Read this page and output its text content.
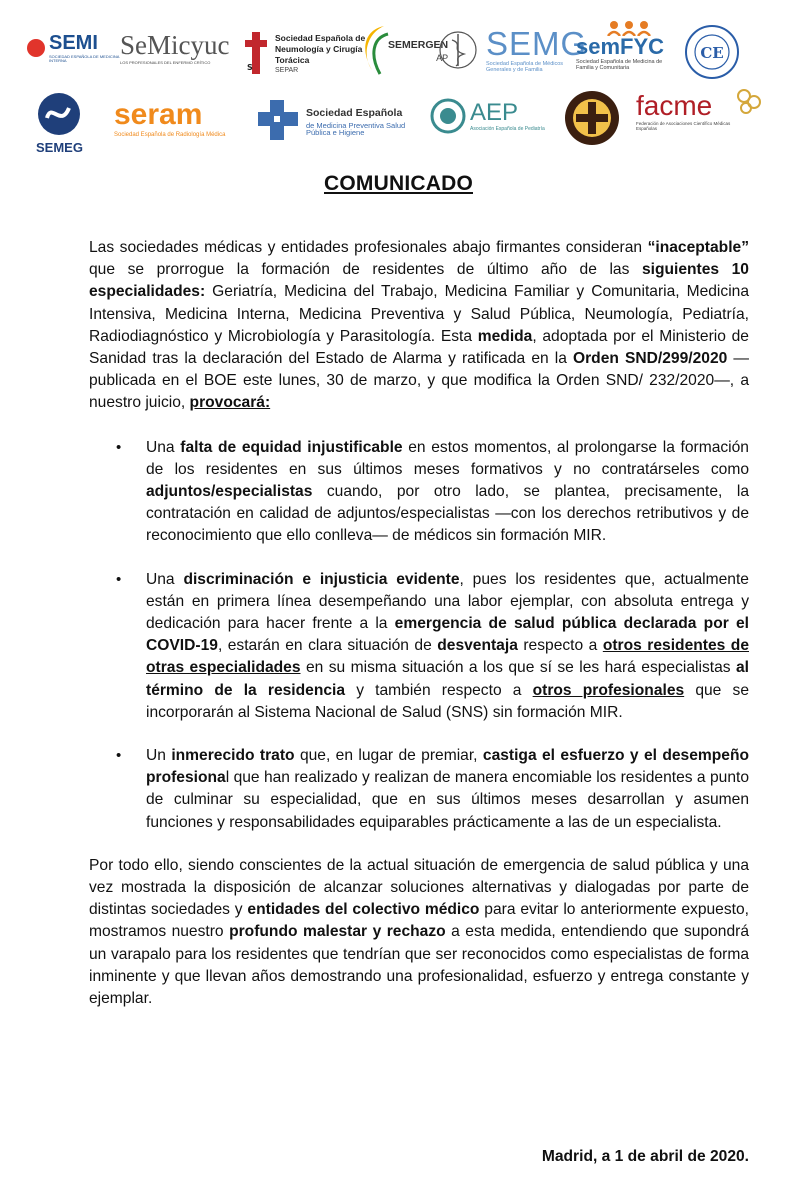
SEMI
SOCIEDAD ESPAÑOLA DE MEDICINA INTERNA
SeMicyuc
LOS PROFESIONALES DEL ENFERMO CRÍTICO
S
Sociedad Española de Neumología y Cirugía Torácica
SEPAR
SEMERGEN
AP SEMG
Sociedad Española de Médicos Generales y de Familia
semFYC
Sociedad Española de Medicina de Familia y Comunitaria
CE
SEMEG
seram
Sociedad Española de Radiología Médica
Sociedad Española
de Medicina Preventiva Salud Pública e Higiene
AEP
Asociación Española de Pediatría
facme
Federación de Asociaciones Científico Médicas Españolas
COMUNICADO

Las sociedades médicas y entidades profesionales abajo firmantes consideran “inaceptable” que se prorrogue la formación de residentes de último año de las siguientes 10 especialidades: Geriatría, Medicina del Trabajo, Medicina Familiar y Comunitaria, Medicina Intensiva, Medicina Interna, Medicina Preventiva y Salud Pública, Neumología, Pediatría, Radiodiagnóstico y Microbiología y Parasitología. Esta medida, adoptada por el Ministerio de Sanidad tras la declaración del Estado de Alarma y ratificada en la Orden SND/299/2020 —publicada en el BOE este lunes, 30 de marzo, y que modifica la Orden SND/ 232/2020—, a nuestro juicio, provocará:

• Una falta de equidad injustificable en estos momentos, al prolongarse la formación de los residentes en sus últimos meses formativos y no contratárseles como adjuntos/especialistas cuando, por otro lado, se plantea, precisamente, la contratación en calidad de adjuntos/especialistas —con los derechos retributivos y de reconocimiento que ello conlleva— de médicos sin formación MIR.
• Una discriminación e injusticia evidente, pues los residentes que, actualmente están en primera línea desempeñando una labor ejemplar, con absoluta entrega y dedicación para hacer frente a la emergencia de salud pública declarada por el COVID-19, estarán en clara situación de desventaja respecto a otros residentes de otras especialidades en su misma situación a los que sí se les hará especialistas al término de la residencia y también respecto a otros profesionales que se incorporarán al Sistema Nacional de Salud (SNS) sin formación MIR.
• Un inmerecido trato que, en lugar de premiar, castiga el esfuerzo y el desempeño profesional que han realizado y realizan de manera encomiable los residentes a punto de culminar su especialidad, que en sus últimos meses desarrollan y asumen funciones y responsabilidades equiparables prácticamente a las de un especialista.

Por todo ello, siendo conscientes de la actual situación de emergencia de salud pública y una vez mostrada la disposición de alcanzar soluciones alternativas y dialogadas por parte de distintas sociedades y entidades del colectivo médico para evitar lo anteriormente expuesto, mostramos nuestro profundo malestar y rechazo a esta medida, entendiendo que supondrá un varapalo para los residentes que tendrían que ser reconocidos como especialistas de forma inminente y que llevan años demostrando una profesionalidad, esfuerzo y entrega constante y ejemplar.

Madrid, a 1 de abril de 2020.
